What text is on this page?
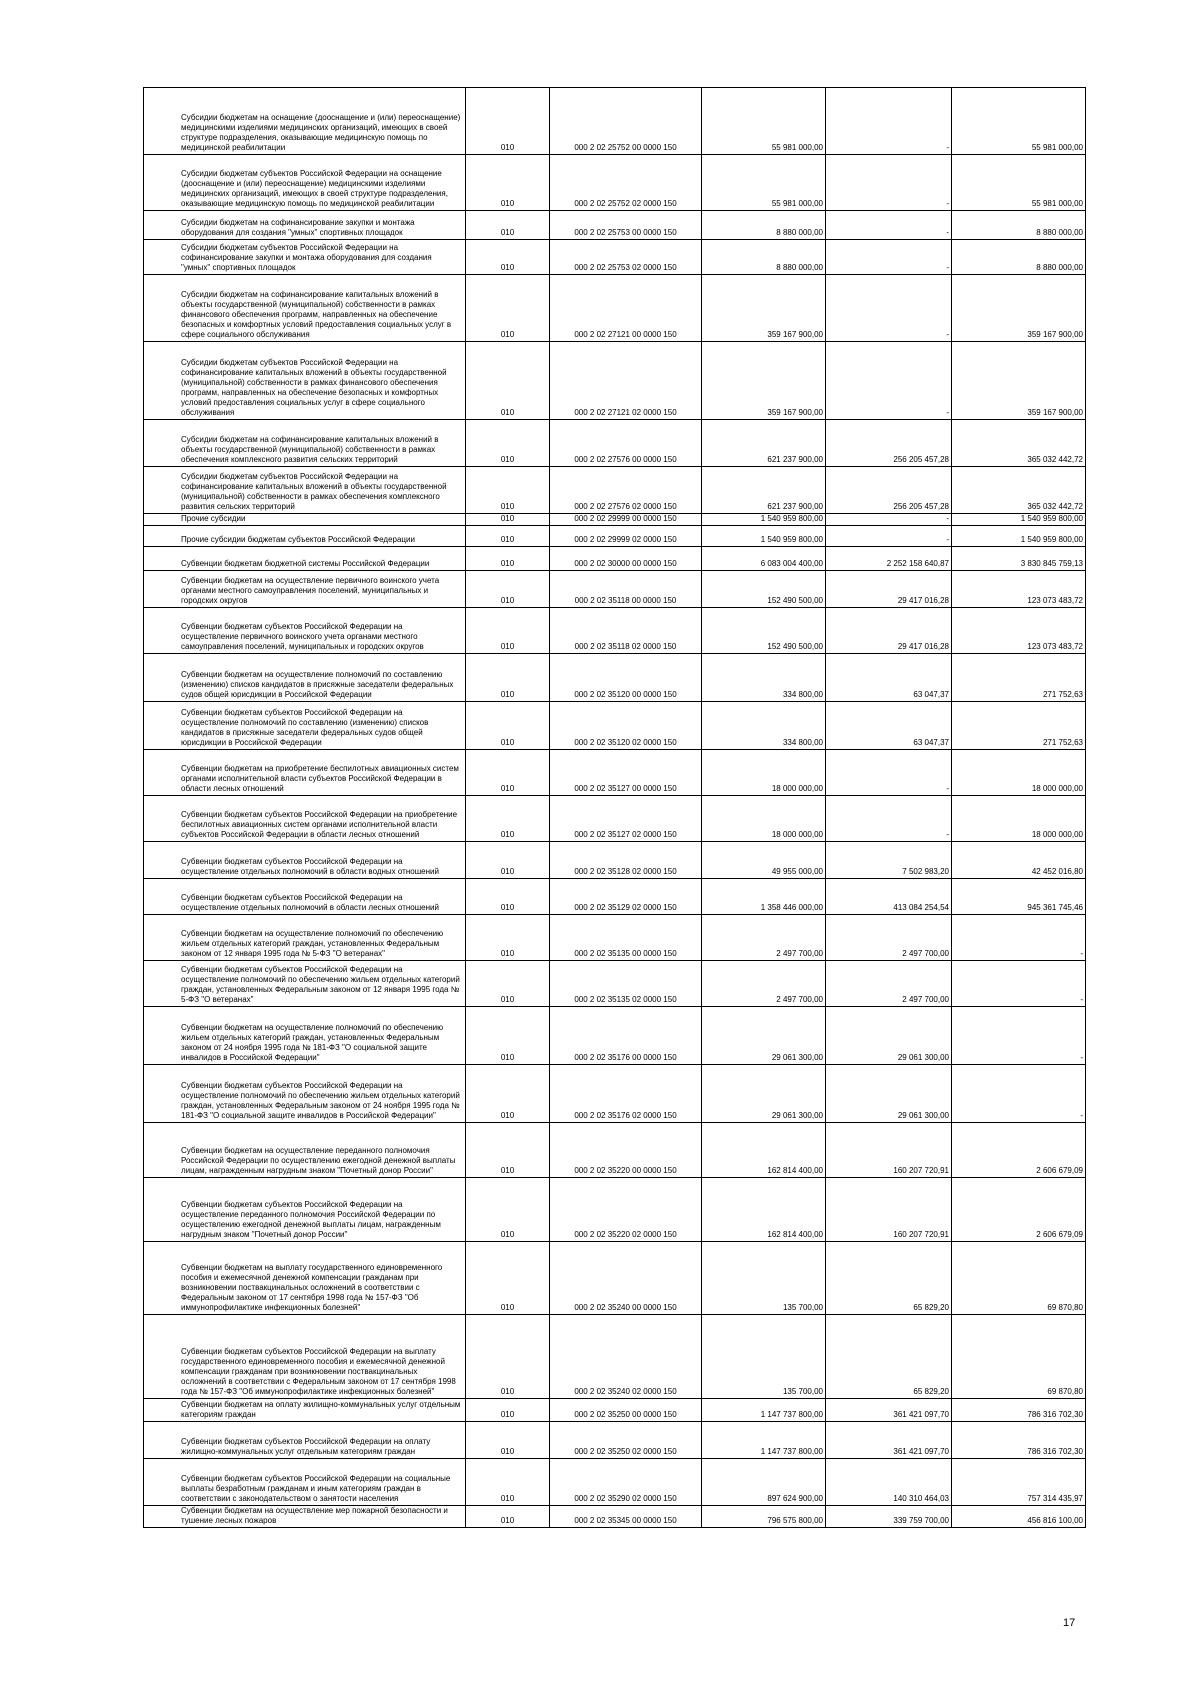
Субсидии бюджетам на оснащение (дооснащение и (или) переоснащение) медицинскими изделиями медицинских организаций, имеющих в своей структуре подразделения, оказывающие медицинскую помощь по медицинской реабилитации	010	000 2 02 25752 00 0000 150	55 981 000,00	-	55 981 000,00
Субсидии бюджетам субъектов Российской Федерации на оснащение (дооснащение и (или) переоснащение) медицинскими изделиями медицинских организаций, имеющих в своей структуре подразделения, оказывающие медицинскую помощь по медицинской реабилитации	010	000 2 02 25752 02 0000 150	55 981 000,00	-	55 981 000,00
Субсидии бюджетам на софинансирование закупки и монтажа оборудования для создания "умных" спортивных площадок	010	000 2 02 25753 00 0000 150	8 880 000,00	-	8 880 000,00
Субсидии бюджетам субъектов Российской Федерации на софинансирование закупки и монтажа оборудования для создания "умных" спортивных площадок	010	000 2 02 25753 02 0000 150	8 880 000,00	-	8 880 000,00
Субсидии бюджетам на софинансирование капитальных вложений в объекты государственной (муниципальной) собственности в рамках финансового обеспечения программ, направленных на обеспечение безопасных и комфортных условий предоставления социальных услуг в сфере социального обслуживания	010	000 2 02 27121 00 0000 150	359 167 900,00	-	359 167 900,00
Субсидии бюджетам субъектов Российской Федерации на софинансирование капитальных вложений в объекты государственной (муниципальной) собственности в рамках финансового обеспечения программ, направленных на обеспечение безопасных и комфортных условий предоставления социальных услуг в сфере социального обслуживания	010	000 2 02 27121 02 0000 150	359 167 900,00	-	359 167 900,00
Субсидии бюджетам на софинансирование капитальных вложений в объекты государственной (муниципальной) собственности в рамках обеспечения комплексного развития сельских территорий	010	000 2 02 27576 00 0000 150	621 237 900,00	256 205 457,28	365 032 442,72
Субсидии бюджетам субъектов Российской Федерации на софинансирование капитальных вложений в объекты государственной (муниципальной) собственности в рамках обеспечения комплексного развития сельских территорий	010	000 2 02 27576 02 0000 150	621 237 900,00	256 205 457,28	365 032 442,72
Прочие субсидии	010	000 2 02 29999 00 0000 150	1 540 959 800,00	-	1 540 959 800,00
Прочие субсидии бюджетам субъектов Российской Федерации	010	000 2 02 29999 02 0000 150	1 540 959 800,00	-	1 540 959 800,00
Субвенции бюджетам бюджетной системы Российской Федерации	010	000 2 02 30000 00 0000 150	6 083 004 400,00	2 252 158 640,87	3 830 845 759,13
Субвенции бюджетам на осуществление первичного воинского учета органами местного самоуправления поселений, муниципальных и городских округов	010	000 2 02 35118 00 0000 150	152 490 500,00	29 417 016,28	123 073 483,72
Субвенции бюджетам субъектов Российской Федерации на осуществление первичного воинского учета органами местного самоуправления поселений, муниципальных и городских округов	010	000 2 02 35118 02 0000 150	152 490 500,00	29 417 016,28	123 073 483,72
Субвенции бюджетам на осуществление полномочий по составлению (изменению) списков кандидатов в присяжные заседатели федеральных судов общей юрисдикции в Российской Федерации	010	000 2 02 35120 00 0000 150	334 800,00	63 047,37	271 752,63
Субвенции бюджетам субъектов Российской Федерации на осуществление полномочий по составлению (изменению) списков кандидатов в присяжные заседатели федеральных судов общей юрисдикции в Российской Федерации	010	000 2 02 35120 02 0000 150	334 800,00	63 047,37	271 752,63
Субвенции бюджетам на приобретение беспилотных авиационных систем органами исполнительной власти субъектов Российской Федерации в области лесных отношений	010	000 2 02 35127 00 0000 150	18 000 000,00	-	18 000 000,00
Субвенции бюджетам субъектов Российской Федерации на приобретение беспилотных авиационных систем органами исполнительной власти субъектов Российской Федерации в области лесных отношений	010	000 2 02 35127 02 0000 150	18 000 000,00	-	18 000 000,00
Субвенции бюджетам субъектов Российской Федерации на осуществление отдельных полномочий в области водных отношений	010	000 2 02 35128 02 0000 150	49 955 000,00	7 502 983,20	42 452 016,80
Субвенции бюджетам субъектов Российской Федерации на осуществление отдельных полномочий в области лесных отношений	010	000 2 02 35129 02 0000 150	1 358 446 000,00	413 084 254,54	945 361 745,46
Субвенции бюджетам на осуществление полномочий по обеспечению жильем отдельных категорий граждан, установленных Федеральным законом от 12 января 1995 года № 5-ФЗ "О ветеранах"	010	000 2 02 35135 00 0000 150	2 497 700,00	2 497 700,00	-
Субвенции бюджетам субъектов Российской Федерации на осуществление полномочий по обеспечению жильем отдельных категорий граждан, установленных Федеральным законом от 12 января 1995 года № 5-ФЗ "О ветеранах"	010	000 2 02 35135 02 0000 150	2 497 700,00	2 497 700,00	-
Субвенции бюджетам на осуществление полномочий по обеспечению жильем отдельных категорий граждан, установленных Федеральным законом от 24 ноября 1995 года № 181-ФЗ "О социальной защите инвалидов в Российской Федерации"	010	000 2 02 35176 00 0000 150	29 061 300,00	29 061 300,00	-
Субвенции бюджетам субъектов Российской Федерации на осуществление полномочий по обеспечению жильем отдельных категорий граждан, установленных Федеральным законом от 24 ноября 1995 года № 181-ФЗ "О социальной защите инвалидов в Российской Федерации"	010	000 2 02 35176 02 0000 150	29 061 300,00	29 061 300,00	-
Субвенции бюджетам на осуществление переданного полномочия Российской Федерации по осуществлению ежегодной денежной выплаты лицам, награжденным нагрудным знаком "Почетный донор России"	010	000 2 02 35220 00 0000 150	162 814 400,00	160 207 720,91	2 606 679,09
Субвенции бюджетам субъектов Российской Федерации на осуществление переданного полномочия Российской Федерации по осуществлению ежегодной денежной выплаты лицам, награжденным нагрудным знаком "Почетный донор России"	010	000 2 02 35220 02 0000 150	162 814 400,00	160 207 720,91	2 606 679,09
Субвенции бюджетам на выплату государственного единовременного пособия и ежемесячной денежной компенсации гражданам при возникновении поствакцинальных осложнений в соответствии с Федеральным законом от 17 сентября 1998 года № 157-ФЗ "Об иммунопрофилактике инфекционных болезней"	010	000 2 02 35240 00 0000 150	135 700,00	65 829,20	69 870,80
Субвенции бюджетам субъектов Российской Федерации на выплату государственного единовременного пособия и ежемесячной денежной компенсации гражданам при возникновении поствакцинальных осложнений в соответствии с Федеральным законом от 17 сентября 1998 года № 157-ФЗ "Об иммунопрофилактике инфекционных болезней"	010	000 2 02 35240 02 0000 150	135 700,00	65 829,20	69 870,80
Субвенции бюджетам на оплату жилищно-коммунальных услуг отдельным категориям граждан	010	000 2 02 35250 00 0000 150	1 147 737 800,00	361 421 097,70	786 316 702,30
Субвенции бюджетам субъектов Российской Федерации на оплату жилищно-коммунальных услуг отдельным категориям граждан	010	000 2 02 35250 02 0000 150	1 147 737 800,00	361 421 097,70	786 316 702,30
Субвенции бюджетам субъектов Российской Федерации на социальные выплаты безработным гражданам и иным категориям граждан в соответствии с законодательством о занятости населения	010	000 2 02 35290 02 0000 150	897 624 900,00	140 310 464,03	757 314 435,97
Субвенции бюджетам на осуществление мер пожарной безопасности и тушение лесных пожаров	010	000 2 02 35345 00 0000 150	796 575 800,00	339 759 700,00	456 816 100,00
17
